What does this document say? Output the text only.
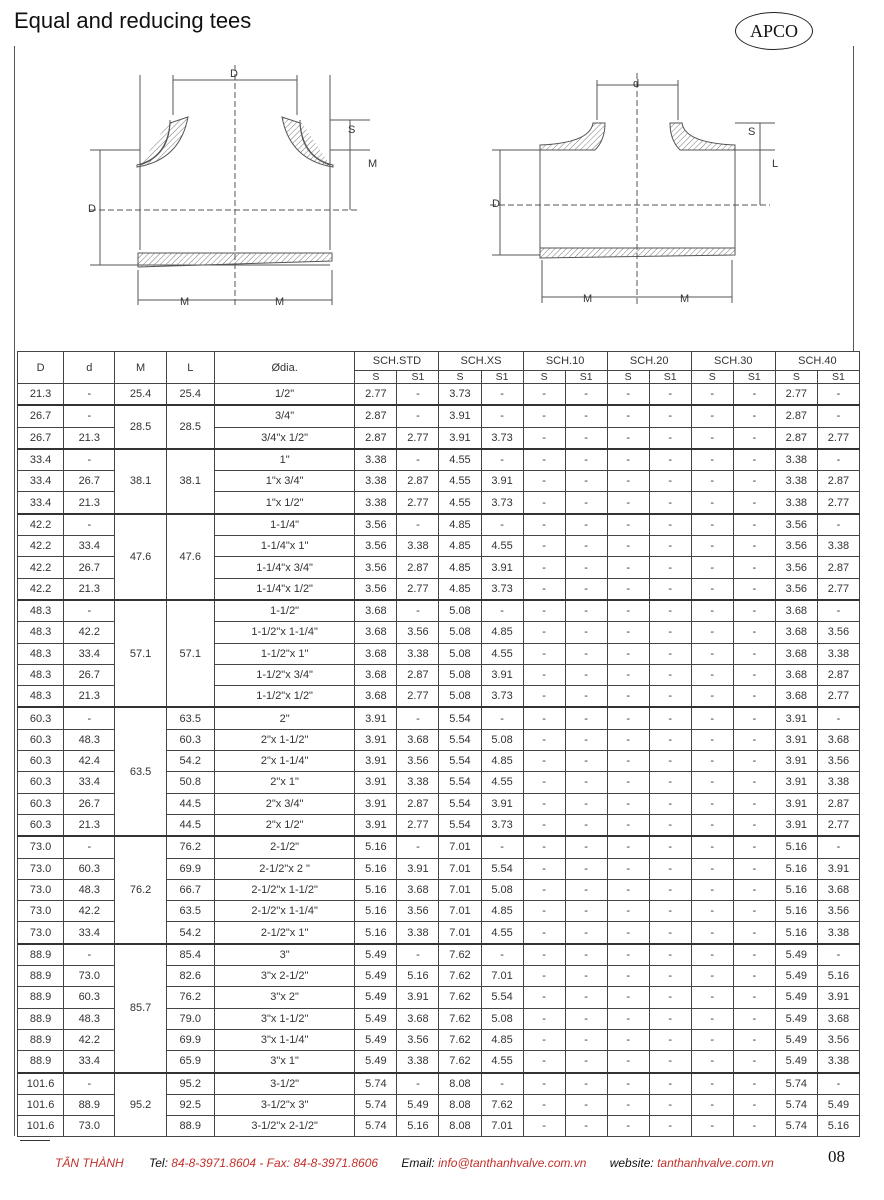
Equal and reducing tees	APCO
D
S
M
D
M	M
d
S
L
D
M	M
D	d	M	L	Ødia.	SCH.STD		SCH.XS		SCH.10		SCH.20		SCH.30		SCH.40	
					S	S1	S	S1	S	S1	S	S1	S	S1	S	S1
21.3	-	25.4	25.4	1/2"	2.77	-	3.73	-	-	-	-	-	-	-	2.77	-
26.7	-	28.5	28.5	3/4"	2.87	-	3.91	-	-	-	-	-	-	-	2.87	-
26.7	21.3			3/4"x 1/2"	2.87	2.77	3.91	3.73	-	-	-	-	-	-	2.87	2.77
33.4	-	38.1	38.1	1"	3.38	-	4.55	-	-	-	-	-	-	-	3.38	-
33.4	26.7			1"x 3/4"	3.38	2.87	4.55	3.91	-	-	-	-	-	-	3.38	2.87
33.4	21.3			1"x 1/2"	3.38	2.77	4.55	3.73	-	-	-	-	-	-	3.38	2.77
42.2	-	47.6	47.6	1-1/4"	3.56	-	4.85	-	-	-	-	-	-	-	3.56	-
42.2	33.4			1-1/4"x 1"	3.56	3.38	4.85	4.55	-	-	-	-	-	-	3.56	3.38
42.2	26.7			1-1/4"x 3/4"	3.56	2.87	4.85	3.91	-	-	-	-	-	-	3.56	2.87
42.2	21.3			1-1/4"x 1/2"	3.56	2.77	4.85	3.73	-	-	-	-	-	-	3.56	2.77
48.3	-	57.1	57.1	1-1/2"	3.68	-	5.08	-	-	-	-	-	-	-	3.68	-
48.3	42.2			1-1/2"x 1-1/4"	3.68	3.56	5.08	4.85	-	-	-	-	-	-	3.68	3.56
48.3	33.4			1-1/2"x 1"	3.68	3.38	5.08	4.55	-	-	-	-	-	-	3.68	3.38
48.3	26.7			1-1/2"x 3/4"	3.68	2.87	5.08	3.91	-	-	-	-	-	-	3.68	2.87
48.3	21.3			1-1/2"x 1/2"	3.68	2.77	5.08	3.73	-	-	-	-	-	-	3.68	2.77
60.3	-	63.5	63.5	2"	3.91	-	5.54	-	-	-	-	-	-	-	3.91	-
60.3	48.3		60.3	2"x 1-1/2"	3.91	3.68	5.54	5.08	-	-	-	-	-	-	3.91	3.68
60.3	42.4		54.2	2"x 1-1/4"	3.91	3.56	5.54	4.85	-	-	-	-	-	-	3.91	3.56
60.3	33.4		50.8	2"x 1"	3.91	3.38	5.54	4.55	-	-	-	-	-	-	3.91	3.38
60.3	26.7		44.5	2"x 3/4"	3.91	2.87	5.54	3.91	-	-	-	-	-	-	3.91	2.87
60.3	21.3		44.5	2"x 1/2"	3.91	2.77	5.54	3.73	-	-	-	-	-	-	3.91	2.77
73.0	-	76.2	76.2	2-1/2"	5.16	-	7.01	-	-	-	-	-	-	-	5.16	-
73.0	60.3		69.9	2-1/2"x 2 "	5.16	3.91	7.01	5.54	-	-	-	-	-	-	5.16	3.91
73.0	48.3		66.7	2-1/2"x 1-1/2"	5.16	3.68	7.01	5.08	-	-	-	-	-	-	5.16	3.68
73.0	42.2		63.5	2-1/2"x 1-1/4"	5.16	3.56	7.01	4.85	-	-	-	-	-	-	5.16	3.56
73.0	33.4		54.2	2-1/2"x 1"	5.16	3.38	7.01	4.55	-	-	-	-	-	-	5.16	3.38
88.9	-	85.7	85.4	3"	5.49	-	7.62	-	-	-	-	-	-	-	5.49	-
88.9	73.0		82.6	3"x 2-1/2"	5.49	5.16	7.62	7.01	-	-	-	-	-	-	5.49	5.16
88.9	60.3		76.2	3"x 2"	5.49	3.91	7.62	5.54	-	-	-	-	-	-	5.49	3.91
88.9	48.3		79.0	3"x 1-1/2"	5.49	3.68	7.62	5.08	-	-	-	-	-	-	5.49	3.68
88.9	42.2		69.9	3"x 1-1/4"	5.49	3.56	7.62	4.85	-	-	-	-	-	-	5.49	3.56
88.9	33.4		65.9	3"x 1"	5.49	3.38	7.62	4.55	-	-	-	-	-	-	5.49	3.38
101.6	-	95.2	95.2	3-1/2"	5.74	-	8.08	-	-	-	-	-	-	-	5.74	-
101.6	88.9		92.5	3-1/2"x 3"	5.74	5.49	8.08	7.62	-	-	-	-	-	-	5.74	5.49
101.6	73.0		88.9	3-1/2"x 2-1/2"	5.74	5.16	8.08	7.01	-	-	-	-	-	-	5.74	5.16
TÂN THÀNH Tel: 84-8-3971.8604 - Fax: 84-8-3971.8606 Email: info@tanthanhvalve.com.vn website: tanthanhvalve.com.vn	08
